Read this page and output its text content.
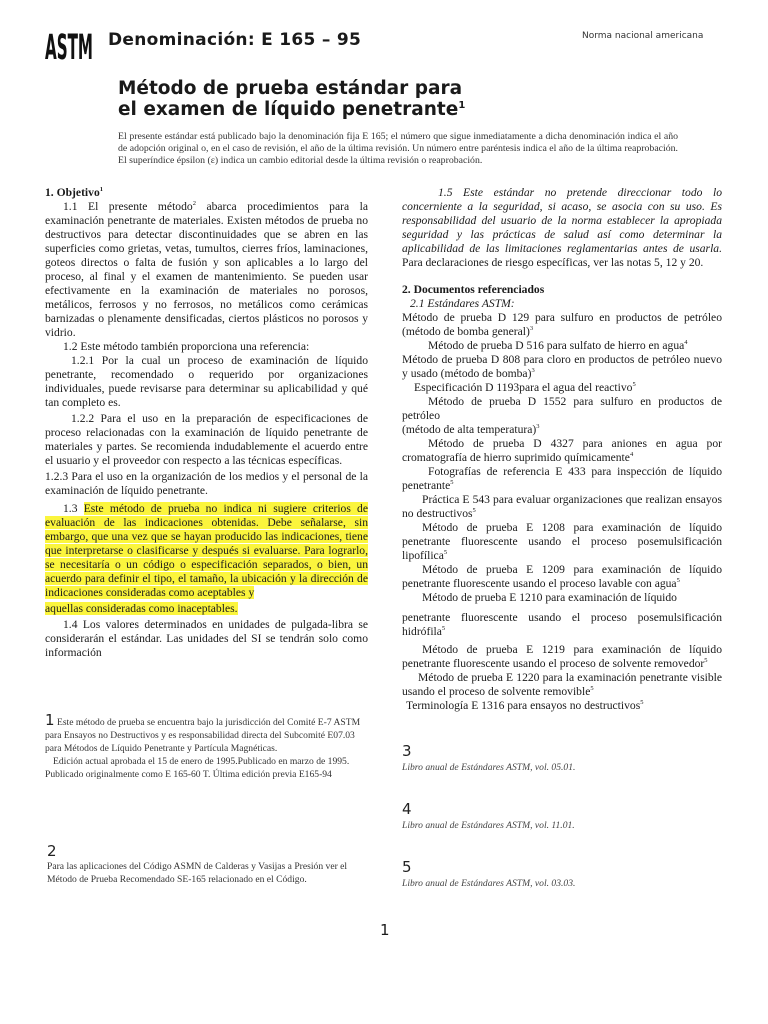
ASTM Denominación: E 165 – 95	Norma nacional americana
Método de prueba estándar para
el examen de líquido penetrante$^1$
El presente estándar está publicado bajo la denominación fija E 165; el número que sigue inmediatamente a dicha denominación indica el año de adopción original o, en el caso de revisión, el año de la última revisión. Un número entre paréntesis indica el año de la última reaprobación. El superíndice épsilon (ε) indica un cambio editorial desde la última revisión o reaprobación.

1. Objetivo$^1$

1.1 El presente método$^2$ abarca procedimientos para la examinación penetrante de materiales. Existen métodos de prueba no destructivos para detectar discontinuidades que se abren en las superficies como grietas, vetas, tumultos, cierres fríos, laminaciones, goteos directos o falta de fusión y son aplicables a lo largo del proceso, al final y el examen de mantenimiento. Se pueden usar efectivamente en la examinación de materiales no porosos, metálicos, ferrosos y no ferrosos, no metálicos como cerámicas barnizadas o plenamente densificadas, ciertos plásticos no porosos y vidrio.

1.2 Este método también proporciona una referencia:

1.2.1 Por la cual un proceso de examinación de líquido penetrante, recomendado o requerido por organizaciones individuales, puede revisarse para determinar su aplicabilidad y qué tan completo es.

1.2.2 Para el uso en la preparación de especificaciones de proceso relacionadas con la examinación de líquido penetrante de materiales y partes. Se recomienda indudablemente el acuerdo entre el usuario y el proveedor con respecto a las técnicas específicas.

1.2.3 Para el uso en la organización de los medios y el personal de la examinación de líquido penetrante.

1.3 Este método de prueba no indica ni sugiere criterios de evaluación de las indicaciones obtenidas. Debe señalarse, sin embargo, que una vez que se hayan producido las indicaciones, tiene que interpretarse o clasificarse y después si evaluarse. Para lograrlo, se necesitaría o un código o especificación separados, o bien, un acuerdo para definir el tipo, el tamaño, la ubicación y la dirección de indicaciones consideradas como aceptables y

aquellas consideradas como inaceptables.

1.4 Los valores determinados en unidades de pulgada-libra se considerarán el estándar. Las unidades del SI se tendrán solo como información

1 Este método de prueba se encuentra bajo la jurisdicción del Comité E-7 ASTM para Ensayos no Destructivos y es responsabilidad directa del Subcomité E07.03 para Métodos de Líquido Penetrante y Partícula Magnéticas.
Edición actual aprobada el 15 de enero de 1995.Publicado en marzo de 1995. Publicado originalmente como E 165-60 T. Última edición previa E165-94
2
Para las aplicaciones del Código ASMN de Calderas y Vasijas a Presión ver el Método de Prueba Recomendado SE-165 relacionado en el Código.

1.5 Este estándar no pretende direccionar todo lo concerniente a la seguridad, si acaso, se asocia con su uso. Es responsabilidad del usuario de la norma establecer la apropiada seguridad y las prácticas de salud así como determinar la aplicabilidad de las limitaciones reglamentarias antes de usarla. Para declaraciones de riesgo específicas, ver las notas 5, 12 y 20.

2. Documentos referenciados

2.1 Estándares ASTM:

Método de prueba D 129 para sulfuro en productos de petróleo (método de bomba general)$^3$

Método de prueba D 516 para sulfato de hierro en agua$^4$

Método de prueba D 808 para cloro en productos de petróleo nuevo y usado (método de bomba)$^3$

Especificación D 1193para el agua del reactivo$^5$

Método de prueba D 1552 para sulfuro en productos de petróleo

(método de alta temperatura)$^3$

Método de prueba D 4327 para aniones en agua por cromatografía de hierro suprimido químicamente$^4$

Fotografías de referencia E 433 para inspección de líquido penetrante$^5$

Práctica E 543 para evaluar organizaciones que realizan ensayos no destructivos$^5$

Método de prueba E 1208 para examinación de líquido penetrante fluorescente usando el proceso posemulsificación lipofílica$^5$

Método de prueba E 1209 para examinación de líquido penetrante fluorescente usando el proceso lavable con agua$^5$

Método de prueba E 1210 para examinación de líquido

penetrante fluorescente usando el proceso posemulsificación hidrófila$^5$

Método de prueba E 1219 para examinación de líquido penetrante fluorescente usando el proceso de solvente removedor$^5$

Método de prueba E 1220 para la examinación penetrante visible usando el proceso de solvente removible$^5$

Terminología E 1316 para ensayos no destructivos$^5$

3
Libro anual de Estándares ASTM, vol. 05.01.
4
Libro anual de Estándares ASTM, vol. 11.01.
5
Libro anual de Estándares ASTM, vol. 03.03.
1
